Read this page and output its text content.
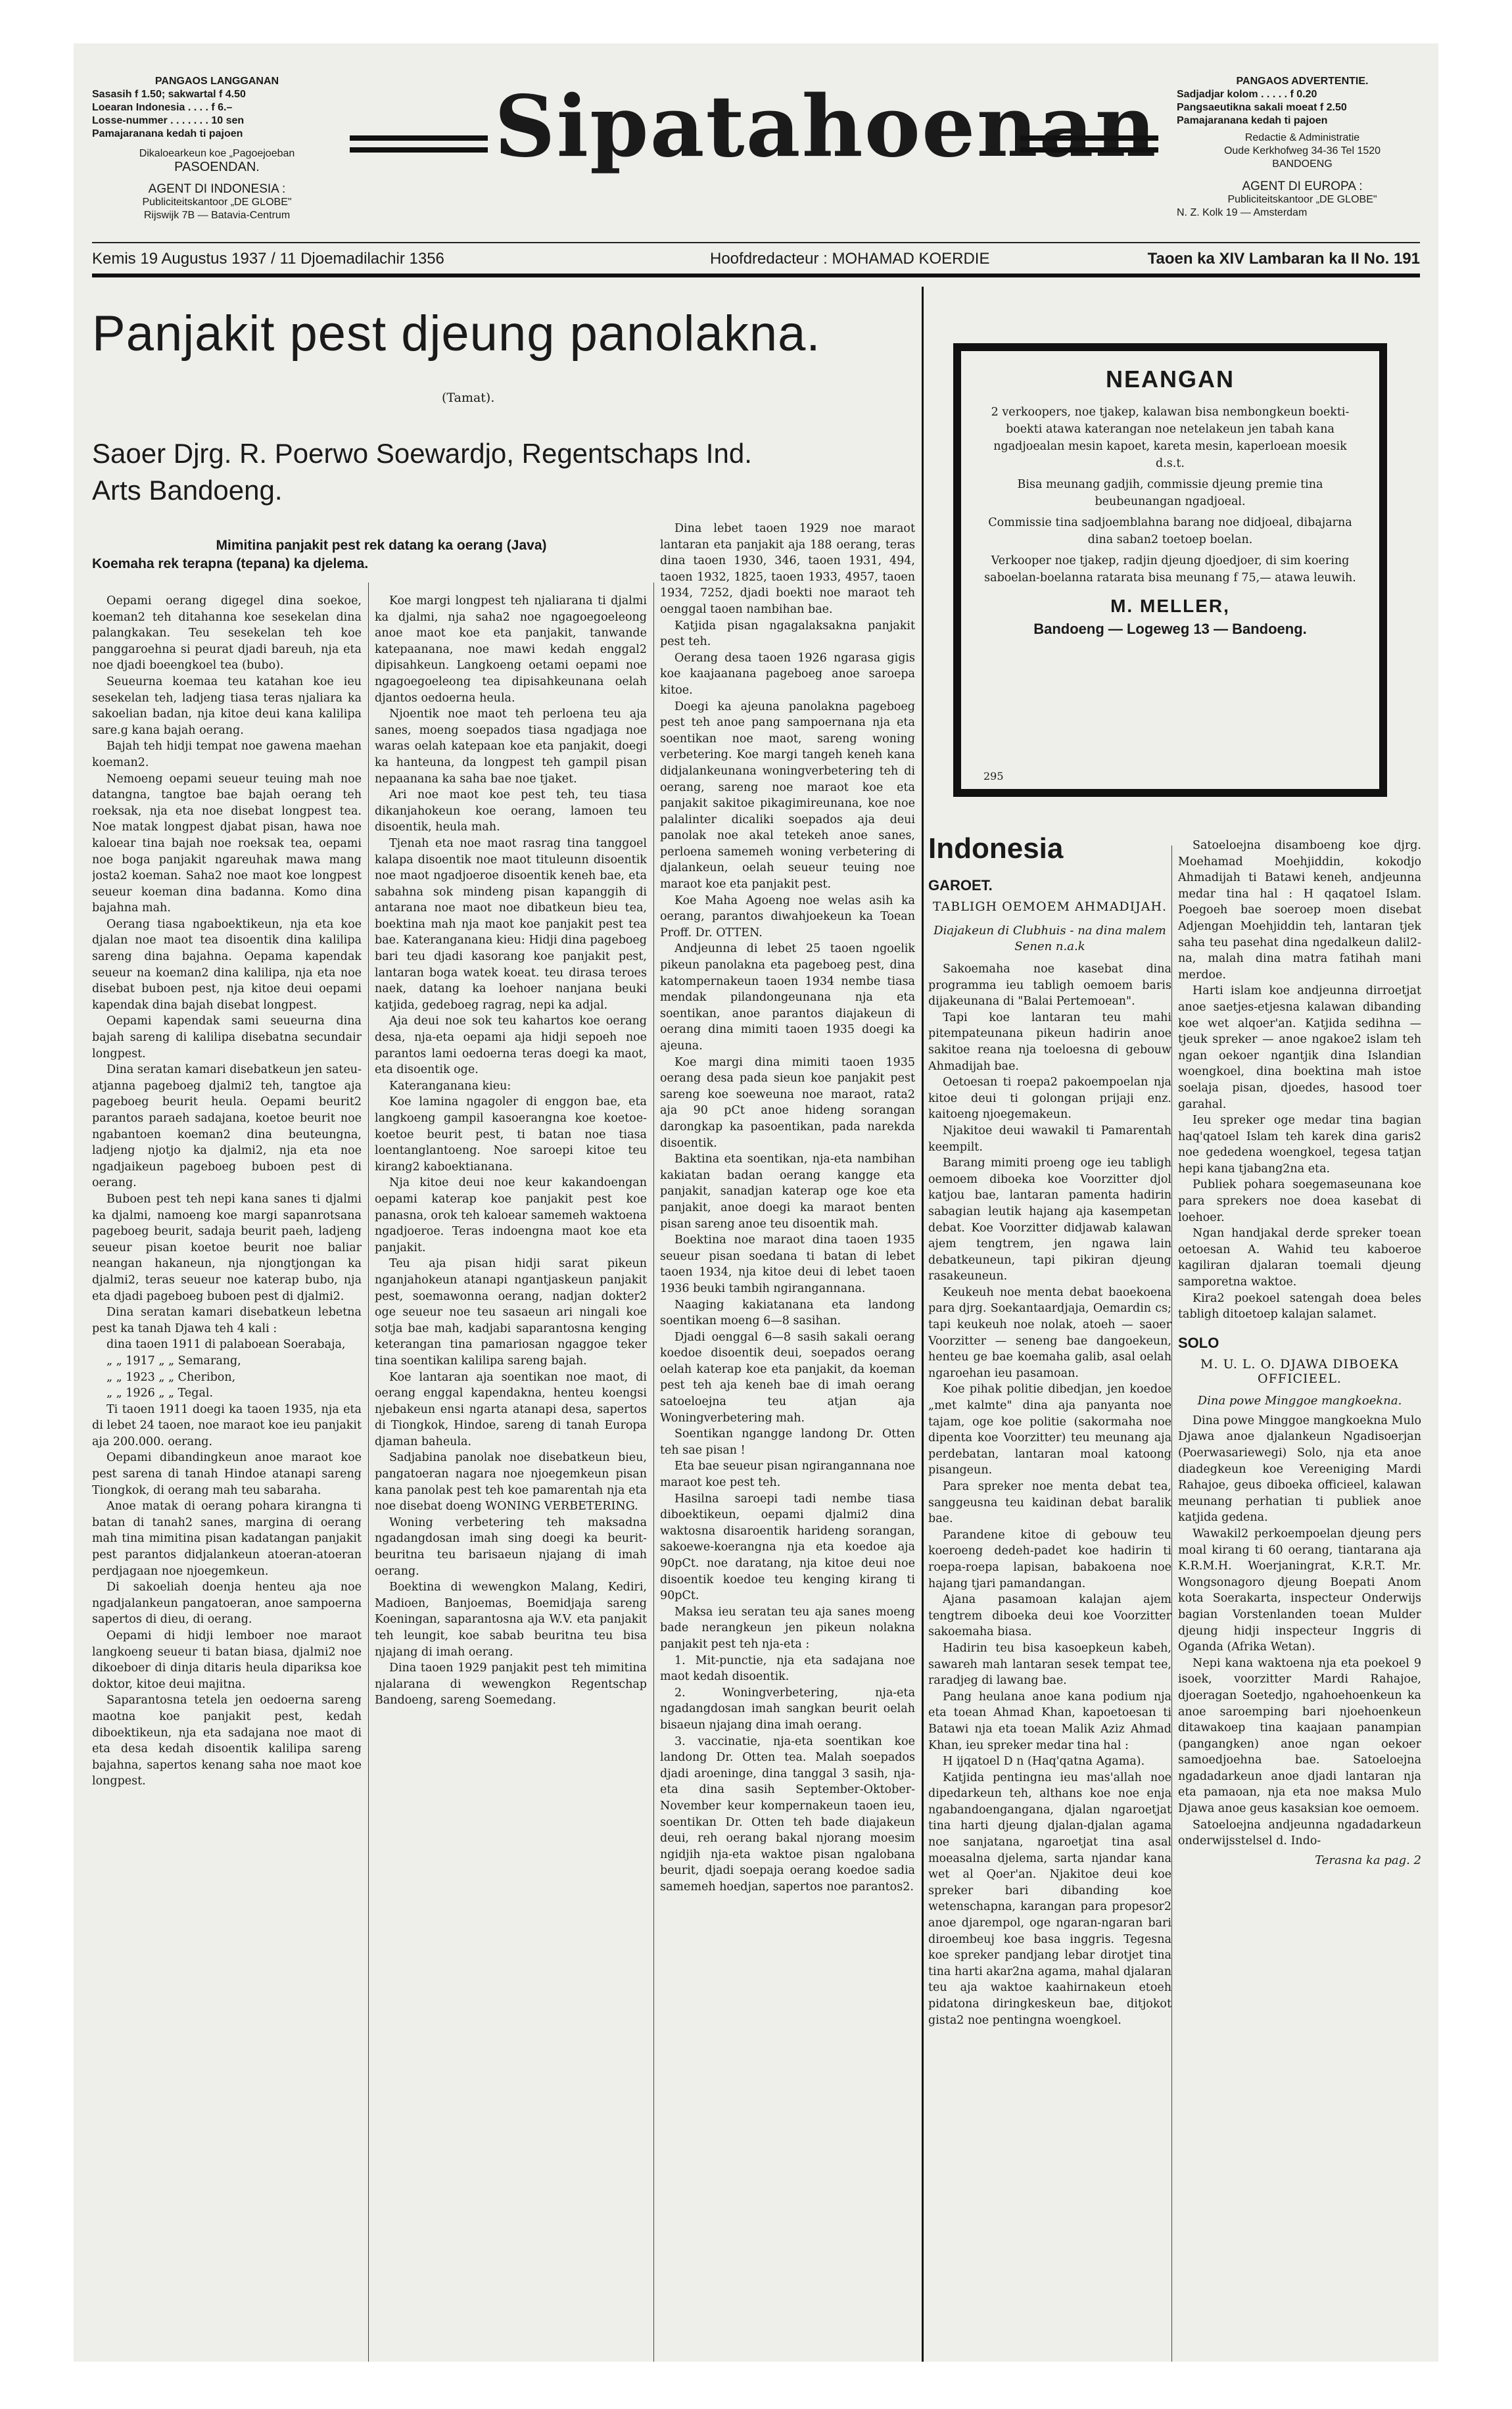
PANGAOS LANGGANAN
Sasasih f 1.50; sakwartal f 4.50
Loearan Indonesia . . . . f 6.–
Losse-nummer . . . . . . . 10 sen
Pamajaranana kedah ti pajoen
Dikaloearkeun koe „Pagoejoeban
PASOENDAN.
AGENT DI INDONESIA :
Publiciteitskantoor „DE GLOBE"
Rijswijk 7B — Batavia-Centrum
Sipatahoenan	PANGAOS ADVERTENTIE.
Sadjadjar kolom . . . . . f 0.20
Pangsaeutikna sakali moeat f 2.50
Pamajaranana kedah ti pajoen
Redactie & Administratie
Oude Kerkhofweg 34-36 Tel 1520
BANDOENG
AGENT DI EUROPA :
Publiciteitskantoor „DE GLOBE"
N. Z. Kolk 19 — Amsterdam
Kemis 19 Augustus 1937 / 11 Djoemadilachir 1356	Hoofdredacteur : MOHAMAD KOERDIE	Taoen ka XIV Lambaran ka II No. 191
Panjakit pest djeung panolakna.
(Tamat).
Saoer Djrg. R. Poerwo Soewardjo, Regentschaps Ind.
Arts Bandoeng.
Mimitina panjakit pest rek datang ka oerang (Java)
Koemaha rek terapna (tepana) ka djelema.

Oepami oerang digegel dina soekoe, koeman2 teh ditahanna koe sesekelan dina palangkakan. Teu sesekelan teh koe panggaroehna si peurat djadi bareuh, nja eta noe djadi boeengkoel tea (bubo).

Seueurna koemaa teu katahan koe ieu sesekelan teh, ladjeng tiasa teras njaliara ka sakoelian badan, nja kitoe deui kana kalilipa sare.g kana bajah oerang.

Bajah teh hidji tempat noe gawena maehan koeman2.

Nemoeng oepami seueur teuing mah noe datangna, tangtoe bae bajah oerang teh roeksak, nja eta noe disebat longpest tea. Noe matak longpest djabat pisan, hawa noe kaloear tina bajah noe roeksak tea, oepami noe boga panjakit ngareuhak mawa mang josta2 koeman. Saha2 noe maot koe longpest seueur koeman dina badanna. Komo dina bajahna mah.

Oerang tiasa ngaboektikeun, nja eta koe djalan noe maot tea disoentik dina kalilipa sareng dina bajahna. Oepama kapendak seueur na koeman2 dina kalilipa, nja eta noe disebat buboen pest, nja kitoe deui oepami kapendak dina bajah disebat longpest.

Oepami kapendak sami seueurna dina bajah sareng di kalilipa disebatna secundair longpest.

Dina seratan kamari disebatkeun jen sateu-atjanna pageboeg djalmi2 teh, tangtoe aja pageboeg beurit heula. Oepami beurit2 parantos paraeh sadajana, koetoe beurit noe ngabantoen koeman2 dina beuteungna, ladjeng njotjo ka djalmi2, nja eta noe ngadjaikeun pageboeg buboen pest di oerang.

Buboen pest teh nepi kana sanes ti djalmi ka djalmi, namoeng koe margi sapanrotsana pageboeg beurit, sadaja beurit paeh, ladjeng seueur pisan koetoe beurit noe baliar neangan hakaneun, nja njongtjongan ka djalmi2, teras seueur noe katerap bubo, nja eta djadi pageboeg buboen pest di djalmi2.

Dina seratan kamari disebatkeun lebetna pest ka tanah Djawa teh 4 kali :

dina taoen 1911 di palaboean Soerabaja,

„ „ 1917 „ „ Semarang,

„ „ 1923 „ „ Cheribon,

„ „ 1926 „ „ Tegal.

Ti taoen 1911 doegi ka taoen 1935, nja eta di lebet 24 taoen, noe maraot koe ieu panjakit aja 200.000. oerang.

Oepami dibandingkeun anoe maraot koe pest sarena di tanah Hindoe atanapi sareng Tiongkok, di oerang mah teu sabaraha.

Anoe matak di oerang pohara kirangna ti batan di tanah2 sanes, margina di oerang mah tina mimitina pisan kadatangan panjakit pest parantos didjalankeun atoeran-atoeran perdjagaan noe njoegemkeun.

Di sakoeliah doenja henteu aja noe ngadjalankeun pangatoeran, anoe sampoerna sapertos di dieu, di oerang.

Oepami di hidji lemboer noe maraot langkoeng seueur ti batan biasa, djalmi2 noe dikoeboer di dinja ditaris heula dipariksa koe doktor, kitoe deui majitna.

Saparantosna tetela jen oedoerna sareng maotna koe panjakit pest, kedah diboektikeun, nja eta sadajana noe maot di eta desa kedah disoentik kalilipa sareng bajahna, sapertos kenang saha noe maot koe longpest.

Koe margi longpest teh njaliarana ti djalmi ka djalmi, nja saha2 noe ngagoegoeleong anoe maot koe eta panjakit, tanwande katepaanana, noe mawi kedah enggal2 dipisahkeun. Langkoeng oetami oepami noe ngagoegoeleong tea dipisahkeunana oelah djantos oedoerna heula.

Njoentik noe maot teh perloena teu aja sanes, moeng soepados tiasa ngadjaga noe waras oelah katepaan koe eta panjakit, doegi ka hanteuna, da longpest teh gampil pisan nepaanana ka saha bae noe tjaket.

Ari noe maot koe pest teh, teu tiasa dikanjahokeun koe oerang, lamoen teu disoentik, heula mah.

Tjenah eta noe maot rasrag tina tanggoel kalapa disoentik noe maot tituleunn disoentik noe maot ngadjoeroe disoentik keneh bae, eta sabahna sok mindeng pisan kapanggih di antarana noe maot noe dibatkeun bieu tea, boektina mah nja maot koe panjakit pest tea bae. Kateranganana kieu: Hidji dina pageboeg bari teu djadi kasorang koe panjakit pest, lantaran boga watek koeat. teu dirasa teroes naek, datang ka loehoer nanjana beuki katjida, gedeboeg ragrag, nepi ka adjal.

Aja deui noe sok teu kahartos koe oerang desa, nja-eta oepami aja hidji sepoeh noe parantos lami oedoerna teras doegi ka maot, eta disoentik oge.

Kateranganana kieu:

Koe lamina ngagoler di enggon bae, eta langkoeng gampil kasoerangna koe koetoe-koetoe beurit pest, ti batan noe tiasa loentanglantoeng. Noe saroepi kitoe teu kirang2 kaboektianana.

Nja kitoe deui noe keur kakandoengan oepami katerap koe panjakit pest koe panasna, orok teh kaloear samemeh waktoena ngadjoeroe. Teras indoengna maot koe eta panjakit.

Teu aja pisan hidji sarat pikeun nganjahokeun atanapi ngantjaskeun panjakit pest, soemawonna oerang, nadjan dokter2 oge seueur noe teu sasaeun ari ningali koe sotja bae mah, kadjabi saparantosna kenging keterangan tina pamariosan ngaggoe teker tina soentikan kalilipa sareng bajah.

Koe lantaran aja soentikan noe maot, di oerang enggal kapendakna, henteu koengsi njebakeun ensi ngarta atanapi desa, sapertos di Tiongkok, Hindoe, sareng di tanah Europa djaman baheula.

Sadjabina panolak noe disebatkeun bieu, pangatoeran nagara noe njoegemkeun pisan kana panolak pest teh koe pamarentah nja eta noe disebat doeng WONING VERBETERING.

Woning verbetering teh maksadna ngadangdosan imah sing doegi ka beurit-beuritna teu barisaeun njajang di imah oerang.

Boektina di wewengkon Malang, Kediri, Madioen, Banjoemas, Boemidjaja sareng Koeningan, saparantosna aja W.V. eta panjakit teh leungit, koe sabab beuritna teu bisa njajang di imah oerang.

Dina taoen 1929 panjakit pest teh mimitina njalarana di wewengkon Regentschap Bandoeng, sareng Soemedang.

Dina lebet taoen 1929 noe maraot lantaran eta panjakit aja 188 oerang, teras dina taoen 1930, 346, taoen 1931, 494, taoen 1932, 1825, taoen 1933, 4957, taoen 1934, 7252, djadi boekti noe maraot teh oenggal taoen nambihan bae.

Katjida pisan ngagalaksakna panjakit pest teh.

Oerang desa taoen 1926 ngarasa gigis koe kaajaanana pageboeg anoe saroepa kitoe.

Doegi ka ajeuna panolakna pageboeg pest teh anoe pang sampoernana nja eta soentikan noe maot, sareng woning verbetering. Koe margi tangeh keneh kana didjalankeunana woningverbetering teh di oerang, sareng noe maraot koe eta panjakit sakitoe pikagimireunana, koe noe palalinter dicaliki soepados aja deui panolak noe akal tetekeh anoe sanes, perloena samemeh woning verbetering di djalankeun, oelah seueur teuing noe maraot koe eta panjakit pest.

Koe Maha Agoeng noe welas asih ka oerang, parantos diwahjoekeun ka Toean Proff. Dr. OTTEN.

Andjeunna di lebet 25 taoen ngoelik pikeun panolakna eta pageboeg pest, dina katompernakeun taoen 1934 nembe tiasa mendak pilandongeunana nja eta soentikan, anoe parantos diajakeun di oerang dina mimiti taoen 1935 doegi ka ajeuna.

Koe margi dina mimiti taoen 1935 oerang desa pada sieun koe panjakit pest sareng koe soeweuna noe maraot, rata2 aja 90 pCt anoe hideng sorangan darongkap ka pasoentikan, pada narekda disoentik.

Baktina eta soentikan, nja-eta nambihan kakiatan badan oerang kangge eta panjakit, sanadjan katerap oge koe eta panjakit, anoe doegi ka maraot benten pisan sareng anoe teu disoentik mah.

Boektina noe maraot dina taoen 1935 seueur pisan soedana ti batan di lebet taoen 1934, nja kitoe deui di lebet taoen 1936 beuki tambih ngirangannana.

Naaging kakiatanana eta landong soentikan moeng 6—8 sasihan.

Djadi oenggal 6—8 sasih sakali oerang koedoe disoentik deui, soepados oerang oelah katerap koe eta panjakit, da koeman pest teh aja keneh bae di imah oerang satoeloejna teu atjan aja Woningverbetering mah.

Soentikan ngangge landong Dr. Otten teh sae pisan !

Eta bae seueur pisan ngirangannana noe maraot koe pest teh.

Hasilna saroepi tadi nembe tiasa diboektikeun, oepami djalmi2 dina waktosna disaroentik harideng sorangan, sakoewe-koerangna nja eta koedoe aja 90pCt. noe daratang, nja kitoe deui noe disoentik koedoe teu kenging kirang ti 90pCt.

Maksa ieu seratan teu aja sanes moeng bade nerangkeun jen pikeun nolakna panjakit pest teh nja-eta :

1. Mit-punctie, nja eta sadajana noe maot kedah disoentik.

2. Woningverbetering, nja-eta ngadangdosan imah sangkan beurit oelah bisaeun njajang dina imah oerang.

3. vaccinatie, nja-eta soentikan koe landong Dr. Otten tea. Malah soepados djadi aroeninge, dina tanggal 3 sasih, nja-eta dina sasih September-Oktober-November keur kompernakeun taoen ieu, soentikan Dr. Otten teh bade diajakeun deui, reh oerang bakal njorang moesim ngidjih nja-eta waktoe pisan ngalobana beurit, djadi soepaja oerang koedoe sadia samemeh hoedjan, sapertos noe parantos2.

NEANGAN
2 verkoopers, noe tjakep, kalawan bisa nembongkeun boekti-boekti atawa katerangan noe netelakeun jen tabah kana ngadjoealan mesin kapoet, kareta mesin, kaperloean moesik d.s.t.
Bisa meunang gadjih, commissie djeung premie tina beubeunangan ngadjoeal.
Commissie tina sadjoemblahna barang noe didjoeal, dibajarna dina saban2 toetoep boelan.
Verkooper noe tjakep, radjin djeung djoedjoer, di sim koering saboelan-boelanna ratarata bisa meunang f 75,— atawa leuwih.
M. MELLER,
Bandoeng — Logeweg 13 — Bandoeng.
295
Indonesia
GAROET.
TABLIGH OEMOEM AHMADIJAH.
Diajakeun di Clubhuis - na dina malem Senen n.a.k

Sakoemaha noe kasebat dina programma ieu tabligh oemoem baris dijakeunana di "Balai Pertemoean".

Tapi koe lantaran teu mahi pitempateunana pikeun hadirin anoe sakitoe reana nja toeloesna di gebouw Ahmadijah bae.

Oetoesan ti roepa2 pakoempoelan nja kitoe deui ti golongan prijaji enz. kaitoeng njoegemakeun.

Njakitoe deui wawakil ti Pamarentah keempilt.

Barang mimiti proeng oge ieu tabligh oemoem diboeka koe Voorzitter djol katjou bae, lantaran pamenta hadirin sabagian leutik hajang aja kasempetan debat. Koe Voorzitter didjawab kalawan ajem tengtrem, jen ngawa lain debatkeuneun, tapi pikiran djeung rasakeuneun.

Keukeuh noe menta debat baoekoena para djrg. Soekantaardjaja, Oemardin cs; tapi keukeuh noe nolak, atoeh — saoer Voorzitter — seneng bae dangoekeun, henteu ge bae koemaha galib, asal oelah ngaroehan ieu pasamoan.

Koe pihak politie dibedjan, jen koedoe „met kalmte" dina aja panyanta noe tajam, oge koe politie (sakormaha noe dipenta koe Voorzitter) teu meunang aja perdebatan, lantaran moal katoong pisangeun.

Para spreker noe menta debat tea, sanggeusna teu kaidinan debat baralik bae.

Parandene kitoe di gebouw teu koeroeng dedeh-padet koe hadirin ti roepa-roepa lapisan, babakoena noe hajang tjari pamandangan.

Ajana pasamoan kalajan ajem tengtrem diboeka deui koe Voorzitter sakoemaha biasa.

Hadirin teu bisa kasoepkeun kabeh, sawareh mah lantaran sesek tempat tee, raradjeg di lawang bae.

Pang heulana anoe kana podium nja eta toean Ahmad Khan, kapoetoesan ti Batawi nja eta toean Malik Aziz Ahmad Khan, ieu spreker medar tina hal :

H ijqatoel D n (Haq'qatna Agama).

Katjida pentingna ieu mas'allah noe dipedarkeun teh, althans koe noe enja ngabandoengangana, djalan ngaroetjat tina harti djeung djalan-djalan agama noe sanjatana, ngaroetjat tina asal moeasalna djelema, sarta njandar kana wet al Qoer'an. Njakitoe deui koe spreker bari dibanding koe wetenschapna, karangan para propesor2 anoe djarempol, oge ngaran-ngaran bari diroembeuj koe basa inggris. Tegesna koe spreker pandjang lebar dirotjet tina tina harti akar2na agama, mahal djalaran teu aja waktoe kaahirnakeun etoeh pidatona diringkeskeun bae, ditjokot gista2 noe pentingna woengkoel.

Satoeloejna disamboeng koe djrg. Moehamad Moehjiddin, kokodjo Ahmadijah ti Batawi keneh, andjeunna medar tina hal : H qaqatoel Islam. Poegoeh bae soeroep moen disebat Adjengan Moehjiddin teh, lantaran tjek saha teu pasehat dina ngedalkeun dalil2-na, malah dina matra fatihah mani merdoe.

Harti islam koe andjeunna dirroetjat anoe saetjes-etjesna kalawan dibanding koe wet alqoer'an. Katjida sedihna — tjeuk spreker — anoe ngakoe2 islam teh ngan oekoer ngantjik dina Islandian woengkoel, dina boektina mah istoe soelaja pisan, djoedes, hasood toer garahal.

Ieu spreker oge medar tina bagian haq'qatoel Islam teh karek dina garis2 noe gededena woengkoel, tegesa tatjan hepi kana tjabang2na eta.

Publiek pohara soegemaseunana koe para sprekers noe doea kasebat di loehoer.

Ngan handjakal derde spreker toean oetoesan A. Wahid teu kaboeroe kagiliran djalaran toemali djeung samporetna waktoe.

Kira2 poekoel satengah doea beles tabligh ditoetoep kalajan salamet.

SOLO
M. U. L. O. DJAWA DIBOEKA OFFICIEEL.
Dina powe Minggoe mangkoekna.

Dina powe Minggoe mangkoekna Mulo Djawa anoe djalankeun Ngadisoerjan (Poerwasariewegi) Solo, nja eta anoe diadegkeun koe Vereeniging Mardi Rahajoe, geus diboeka officieel, kalawan meunang perhatian ti publiek anoe katjida gedena.

Wawakil2 perkoempoelan djeung pers moal kirang ti 60 oerang, tiantarana aja K.R.M.H. Woerjaningrat, K.R.T. Mr. Wongsonagoro djeung Boepati Anom kota Soerakarta, inspecteur Onderwijs bagian Vorstenlanden toean Mulder djeung hidji inspecteur Inggris di Oganda (Afrika Wetan).

Nepi kana waktoena nja eta poekoel 9 isoek, voorzitter Mardi Rahajoe, djoeragan Soetedjo, ngahoehoenkeun ka anoe saroemping bari njoehoenkeun ditawakoep tina kaajaan panampian (pangangken) anoe ngan oekoer samoedjoehna bae. Satoeloejna ngadadarkeun anoe djadi lantaran nja eta pamaoan, nja eta noe maksa Mulo Djawa anoe geus kasaksian koe oemoem.

Satoeloejna andjeunna ngadadarkeun onderwijsstelsel d. Indo-

Terasna ka pag. 2
